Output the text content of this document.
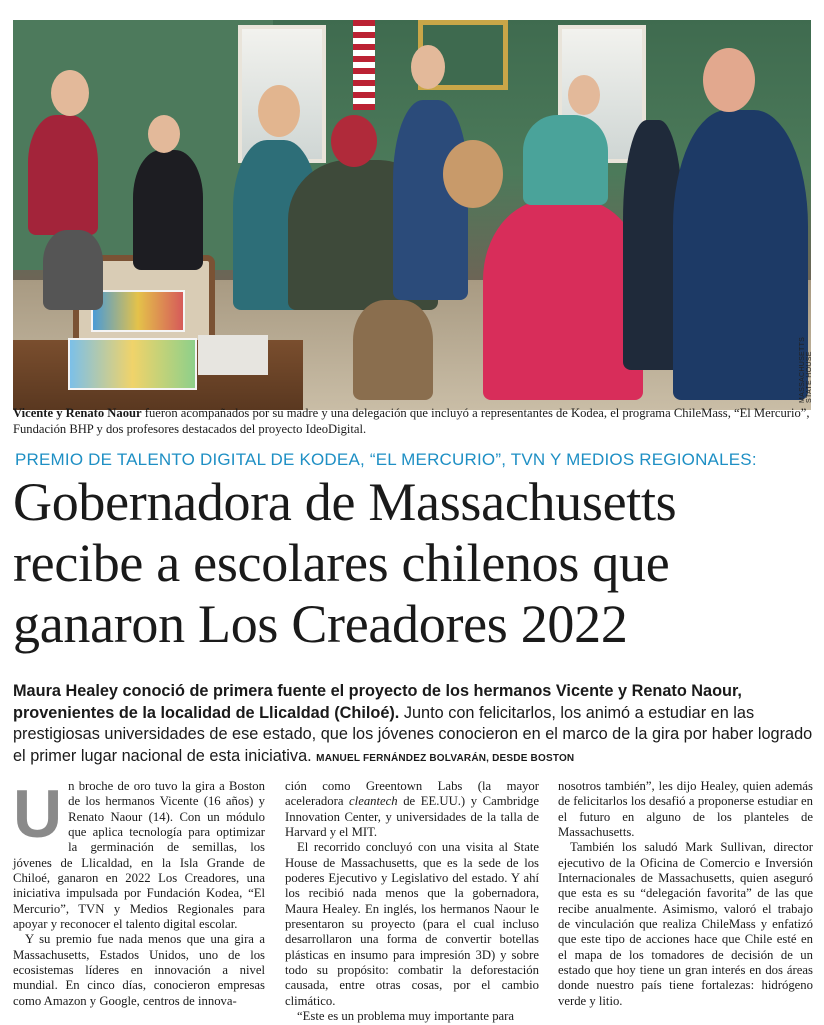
MASSACHUSETTS STATE HOUSE
Vicente y Renato Naour fueron acompañados por su madre y una delegación que incluyó a representantes de Kodea, el programa ChileMass, “El Mercurio”, Fundación BHP y dos profesores destacados del proyecto IdeoDigital.
PREMIO DE TALENTO DIGITAL DE KODEA, “EL MERCURIO”, TVN Y MEDIOS REGIONALES:
Gobernadora de Massachusetts recibe a escolares chilenos que ganaron Los Creadores 2022
Maura Healey conoció de primera fuente el proyecto de los hermanos Vicente y Renato Naour, provenientes de la localidad de Llicaldad (Chiloé). Junto con felicitarlos, los animó a estudiar en las prestigiosas universidades de ese estado, que los jóvenes conocieron en el marco de la gira por haber logrado el primer lugar nacional de esta iniciativa. MANUEL FERNÁNDEZ BOLVARÁN, DESDE BOSTON

Un broche de oro tuvo la gira a Boston de los hermanos Vicente (16 años) y Renato Naour (14). Con un módulo que aplica tecnología para optimizar la germinación de semillas, los jóvenes de Llicaldad, en la Isla Grande de Chiloé, ganaron en 2022 Los Creadores, una iniciativa impulsada por Fundación Kodea, “El Mercurio”, TVN y Medios Regionales para apoyar y reconocer el talento digital escolar.

Y su premio fue nada menos que una gira a Massachusetts, Estados Unidos, uno de los ecosistemas líderes en innovación a nivel mundial. En cinco días, conocieron empresas como Amazon y Google, centros de innova-

ción como Greentown Labs (la mayor aceleradora cleantech de EE.UU.) y Cambridge Innovation Center, y universidades de la talla de Harvard y el MIT.

El recorrido concluyó con una visita al State House de Massachusetts, que es la sede de los poderes Ejecutivo y Legislativo del estado. Y ahí los recibió nada menos que la gobernadora, Maura Healey. En inglés, los hermanos Naour le presentaron su proyecto (para el cual incluso desarrollaron una forma de convertir botellas plásticas en insumo para impresión 3D) y sobre todo su propósito: combatir la deforestación causada, entre otras cosas, por el cambio climático.

“Este es un problema muy importante para

nosotros también”, les dijo Healey, quien además de felicitarlos los desafió a proponerse estudiar en el futuro en alguno de los planteles de Massachusetts.

También los saludó Mark Sullivan, director ejecutivo de la Oficina de Comercio e Inversión Internacionales de Massachusetts, quien aseguró que esta es su “delegación favorita” de las que recibe anualmente. Asimismo, valoró el trabajo de vinculación que realiza ChileMass y enfatizó que este tipo de acciones hace que Chile esté en el mapa de los tomadores de decisión de un estado que hoy tiene un gran interés en dos áreas donde nuestro país tiene fortalezas: hidrógeno verde y litio.
